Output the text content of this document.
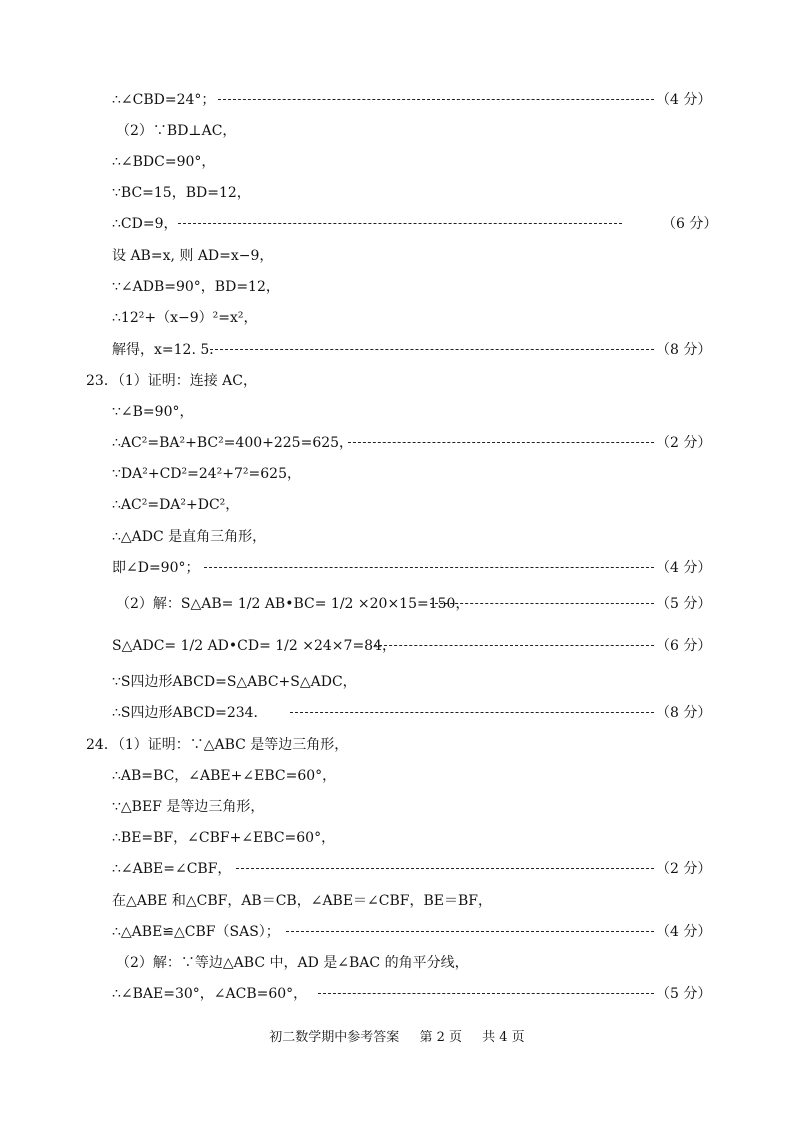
∴∠CBD=24°；	（4 分）
（2）∵BD⊥AC，
∴∠BDC=90°，
∵BC=15，BD=12，
∴CD=9，	（6 分）
设 AB=x, 则 AD=x−9，
∵∠ADB=90°，BD=12，
∴12²+（x−9）²=x²，
解得，x=12. 5．	（8 分）
23．（1）证明：连接 AC，
∵∠B=90°，
∴AC²=BA²+BC²=400+225=625，	（2 分）
∵DA²+CD²=24²+7²=625，
∴AC²=DA²+DC²，
∴△ADC 是直角三角形，
即∠D=90°；	（4 分）
（2）解：S△AB= 1/2 AB•BC= 1/2 ×20×15=150，	（5 分）
S△ADC= 1/2 AD•CD= 1/2 ×24×7=84，	（6 分）
∵S四边形ABCD=S△ABC+S△ADC，
∴S四边形ABCD=234．	（8 分）
24．（1）证明：∵△ABC 是等边三角形，
∴AB=BC，∠ABE+∠EBC=60°，
∵△BEF 是等边三角形，
∴BE=BF，∠CBF+∠EBC=60°，
∴∠ABE=∠CBF，	（2 分）
在△ABE 和△CBF，AB＝CB，∠ABE＝∠CBF，BE＝BF，
∴△ABE≌△CBF（SAS）；	（4 分）
（2）解：∵等边△ABC 中，AD 是∠BAC 的角平分线，
∴∠BAE=30°，∠ACB=60°，	（5 分）
初二数学期中参考答案 第 2 页 共 4 页
